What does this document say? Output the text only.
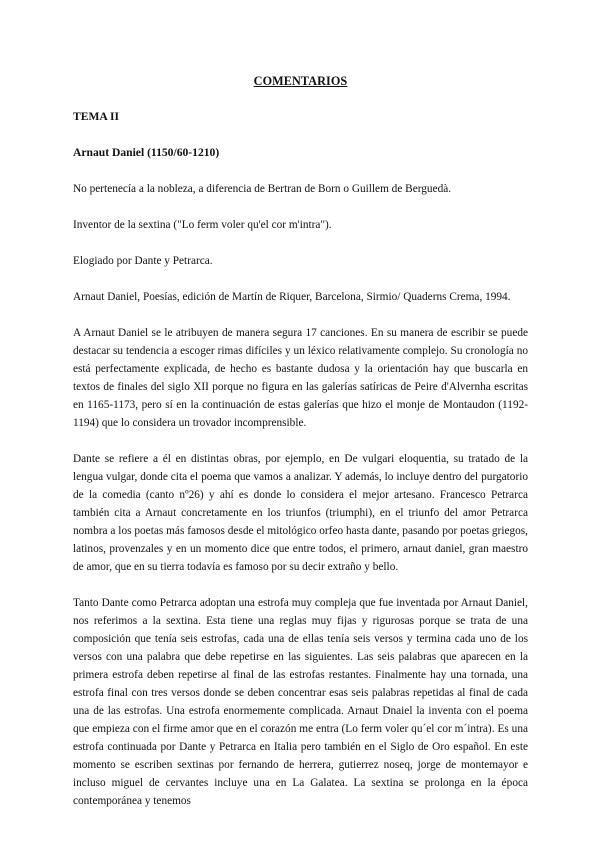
COMENTARIOS
TEMA II
Arnaut Daniel (1150/60-1210)

No pertenecía a la nobleza, a diferencia de Bertran de Born o Guillem de Berguedà.

Inventor de la sextina ("Lo ferm voler qu'el cor m'intra").

Elogiado por Dante y Petrarca.

Arnaut Daniel, Poesías, edición de Martín de Riquer, Barcelona, Sirmio/ Quaderns Crema, 1994.

A Arnaut Daniel se le atribuyen de manera segura 17 canciones. En su manera de escribir se puede destacar su tendencia a escoger rimas difíciles y un léxico relativamente complejo. Su cronología no está perfectamente explicada, de hecho es bastante dudosa y la orientación hay que buscarla en textos de finales del siglo XII porque no figura en las galerías satíricas de Peire d'Alvernha escritas en 1165-1173, pero sí en la continuación de estas galerías que hizo el monje de Montaudon (1192-1194) que lo considera un trovador incomprensible.

Dante se refiere a él en distintas obras, por ejemplo, en De vulgari eloquentia, su tratado de la lengua vulgar, donde cita el poema que vamos a analizar. Y además, lo incluye dentro del purgatorio de la comedia (canto nº26) y ahí es donde lo considera el mejor artesano. Francesco Petrarca también cita a Arnaut concretamente en los triunfos (triumphi), en el triunfo del amor Petrarca nombra a los poetas más famosos desde el mitológico orfeo hasta dante, pasando por poetas griegos, latinos, provenzales y en un momento dice que entre todos, el primero, arnaut daniel, gran maestro de amor, que en su tierra todavía es famoso por su decir extraño y bello.

Tanto Dante como Petrarca adoptan una estrofa muy compleja que fue inventada por Arnaut Daniel, nos referimos a la sextina. Esta tiene una reglas muy fijas y rigurosas porque se trata de una composición que tenía seis estrofas, cada una de ellas tenía seis versos y termina cada uno de los versos con una palabra que debe repetirse en las siguientes. Las seis palabras que aparecen en la primera estrofa deben repetirse al final de las estrofas restantes. Finalmente hay una tornada, una estrofa final con tres versos donde se deben concentrar esas seis palabras repetidas al final de cada una de las estrofas. Una estrofa enormemente complicada. Arnaut Dnaiel la inventa con el poema que empieza con el firme amor que en el corazón me entra (Lo ferm voler qu´el cor m´intra). Es una estrofa continuada por Dante y Petrarca en Italia pero también en el Siglo de Oro español. En este momento se escriben sextinas por fernando de herrera, gutierrez noseq, jorge de montemayor e incluso miguel de cervantes incluye una en La Galatea. La sextina se prolonga en la época contemporánea y tenemos
